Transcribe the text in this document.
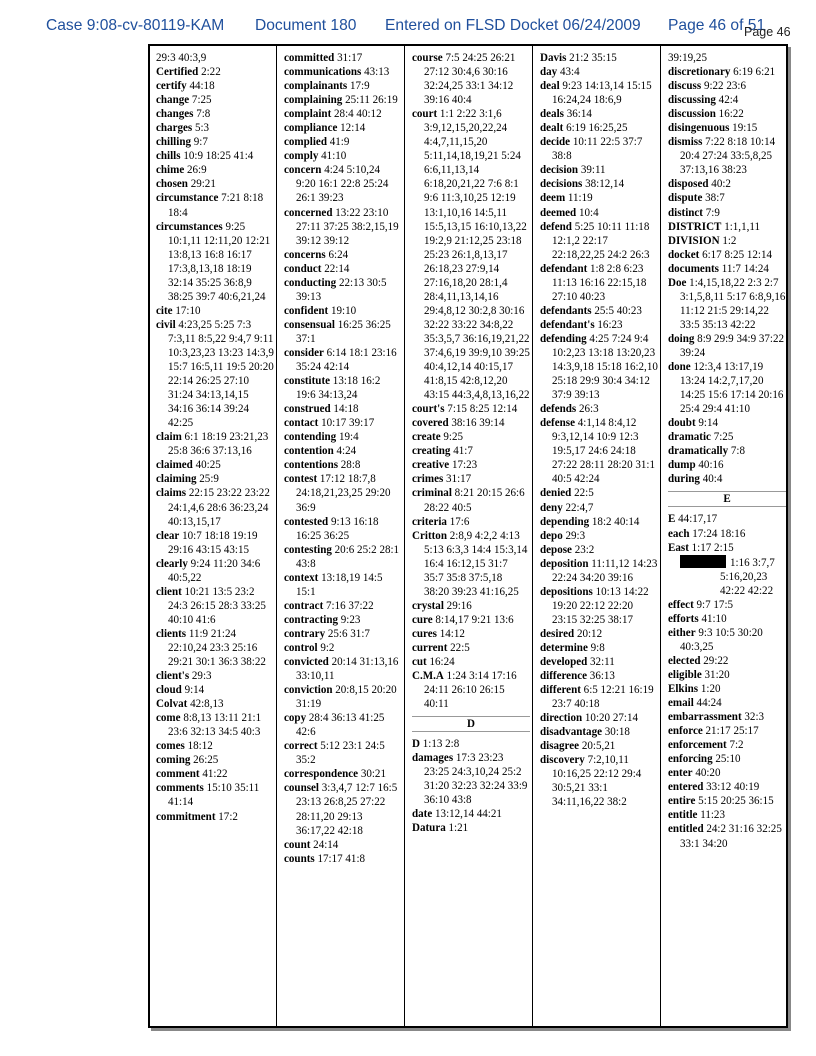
Case 9:08-cv-80119-KAM Document 180 Entered on FLSD Docket 06/24/2009 Page 46 of 51
Page 46
29:3 40:3,9
Certified 2:22
certify 44:18
change 7:25
changes 7:8
charges 5:3
chilling 9:7
chills 10:9 18:25 41:4
chime 26:9
chosen 29:21
circumstance 7:21 8:18 18:4
circumstances 9:25 10:1,11 12:11,20 12:21 13:8,13 16:8 16:17 17:3,8,13,18 18:19 32:14 35:25 36:8,9 38:25 39:7 40:6,21,24
cite 17:10
civil 4:23,25 5:25 7:3 7:3,11 8:5,22 9:4,7 9:11 10:3,23,23 13:23 14:3,9 15:7 16:5,11 19:5 20:20 22:14 26:25 27:10 31:24 34:13,14,15 34:16 36:14 39:24 42:25
claim 6:1 18:19 23:21,23 25:8 36:6 37:13,16
claimed 40:25
claiming 25:9
claims 22:15 23:22 23:22 24:1,4,6 28:6 36:23,24 40:13,15,17
clear 10:7 18:18 19:19 29:16 43:15 43:15
clearly 9:24 11:20 34:6 40:5,22
client 10:21 13:5 23:2 24:3 26:15 28:3 33:25 40:10 41:6
clients 11:9 21:24 22:10,24 23:3 25:16 29:21 30:1 36:3 38:22
client's 29:3
cloud 9:14
Colvat 42:8,13
come 8:8,13 13:11 21:1 23:6 32:13 34:5 40:3
comes 18:12
coming 26:25
comment 41:22
comments 15:10 35:11 41:14
commitment 17:2
committed 31:17
communications 43:13
complainants 17:9
complaining 25:11 26:19
complaint 28:4 40:12
compliance 12:14
complied 41:9
comply 41:10
concern 4:24 5:10,24 9:20 16:1 22:8 25:24 26:1 39:23
concerned 13:22 23:10 27:11 37:25 38:2,15,19 39:12 39:12
concerns 6:24
conduct 22:14
conducting 22:13 30:5 39:13
confident 19:10
consensual 16:25 36:25 37:1
consider 6:14 18:1 23:16 35:24 42:14
constitute 13:18 16:2 19:6 34:13,24
construed 14:18
contact 10:17 39:17
contending 19:4
contention 4:24
contentions 28:8
contest 17:12 18:7,8 24:18,21,23,25 29:20 36:9
contested 9:13 16:18 16:25 36:25
contesting 20:6 25:2 28:1 43:8
context 13:18,19 14:5 15:1
contract 7:16 37:22
contracting 9:23
contrary 25:6 31:7
control 9:2
convicted 20:14 31:13,16 33:10,11
conviction 20:8,15 20:20 31:19
copy 28:4 36:13 41:25 42:6
correct 5:12 23:1 24:5 35:2
correspondence 30:21
counsel 3:3,4,7 12:7 16:5 23:13 26:8,25 27:22 28:11,20 29:13 36:17,22 42:18
count 24:14
counts 17:17 41:8
course 7:5 24:25 26:21 27:12 30:4,6 30:16 32:24,25 33:1 34:12 39:16 40:4
court 1:1 2:22 3:1,6 3:9,12,15,20,22,24 4:4,7,11,15,20 5:11,14,18,19,21 5:24 6:6,11,13,14 6:18,20,21,22 7:6 8:1 9:6 11:3,10,25 12:19 13:1,10,16 14:5,11 15:5,13,15 16:10,13,22 19:2,9 21:12,25 23:18 25:23 26:1,8,13,17 26:18,23 27:9,14 27:16,18,20 28:1,4 28:4,11,13,14,16 29:4,8,12 30:2,8 30:16 32:22 33:22 34:8,22 35:3,5,7 36:16,19,21,22 37:4,6,19 39:9,10 39:25 40:4,12,14 40:15,17 41:8,15 42:8,12,20 43:15 44:3,4,8,13,16,22
court's 7:15 8:25 12:14
covered 38:16 39:14
create 9:25
creating 41:7
creative 17:23
crimes 31:17
criminal 8:21 20:15 26:6 28:22 40:5
criteria 17:6
Critton 2:8,9 4:2,2 4:13 5:13 6:3,3 14:4 15:3,14 16:4 16:12,15 31:7 35:7 35:8 37:5,18 38:20 39:23 41:16,25
crystal 29:16
cure 8:14,17 9:21 13:6
cures 14:12
current 22:5
cut 16:24
C.M.A 1:24 3:14 17:16 24:11 26:10 26:15 40:11
D
D 1:13 2:8
damages 17:3 23:23 23:25 24:3,10,24 25:2 31:20 32:23 32:24 33:9 36:10 43:8
date 13:12,14 44:21
Datura 1:21
Davis 21:2 35:15
day 43:4
deal 9:23 14:13,14 15:15 16:24,24 18:6,9
deals 36:14
dealt 6:19 16:25,25
decide 10:11 22:5 37:7 38:8
decision 39:11
decisions 38:12,14
deem 11:19
deemed 10:4
defend 5:25 10:11 11:18 12:1,2 22:17 22:18,22,25 24:2 26:3
defendant 1:8 2:8 6:23 11:13 16:16 22:15,18 27:10 40:23
defendants 25:5 40:23
defendant's 16:23
defending 4:25 7:24 9:4 10:2,23 13:18 13:20,23 14:3,9,18 15:18 16:2,10 25:18 29:9 30:4 34:12 37:9 39:13
defends 26:3
defense 4:1,14 8:4,12 9:3,12,14 10:9 12:3 19:5,17 24:6 24:18 27:22 28:11 28:20 31:1 40:5 42:24
denied 22:5
deny 22:4,7
depending 18:2 40:14
depo 29:3
depose 23:2
deposition 11:11,12 14:23 22:24 34:20 39:16
depositions 10:13 14:22 19:20 22:12 22:20 23:15 32:25 38:17
desired 20:12
determine 9:8
developed 32:11
difference 36:13
different 6:5 12:21 16:19 23:7 40:18
direction 10:20 27:14
disadvantage 30:18
disagree 20:5,21
discovery 7:2,10,11 10:16,25 22:12 29:4 30:5,21 33:1 34:11,16,22 38:2
39:19,25
discretionary 6:19 6:21
discuss 9:22 23:6
discussing 42:4
discussion 16:22
disingenuous 19:15
dismiss 7:22 8:18 10:14 20:4 27:24 33:5,8,25 37:13,16 38:23
disposed 40:2
dispute 38:7
distinct 7:9
DISTRICT 1:1,1,11
DIVISION 1:2
docket 6:17 8:25 12:14
documents 11:7 14:24
Doe 1:4,15,18,22 2:3 2:7 3:1,5,8,11 5:17 6:8,9,16 11:12 21:5 29:14,22 33:5 35:13 42:22
doing 8:9 29:9 34:9 37:22 39:24
done 12:3,4 13:17,19 13:24 14:2,7,17,20 14:25 15:6 17:14 20:16 25:4 29:4 41:10
doubt 9:14
dramatic 7:25
dramatically 7:8
dump 40:16
during 40:4
E
E 44:17,17
each 17:24 18:16
East 1:17 2:15
1:16 3:7,7 5:16,20,23 42:22 42:22
effect 9:7 17:5
efforts 41:10
either 9:3 10:5 30:20 40:3,25
elected 29:22
eligible 31:20
Elkins 1:20
email 44:24
embarrassment 32:3
enforce 21:17 25:17
enforcement 7:2
enforcing 25:10
enter 40:20
entered 33:12 40:19
entire 5:15 20:25 36:15
entitle 11:23
entitled 24:2 31:16 32:25 33:1 34:20
